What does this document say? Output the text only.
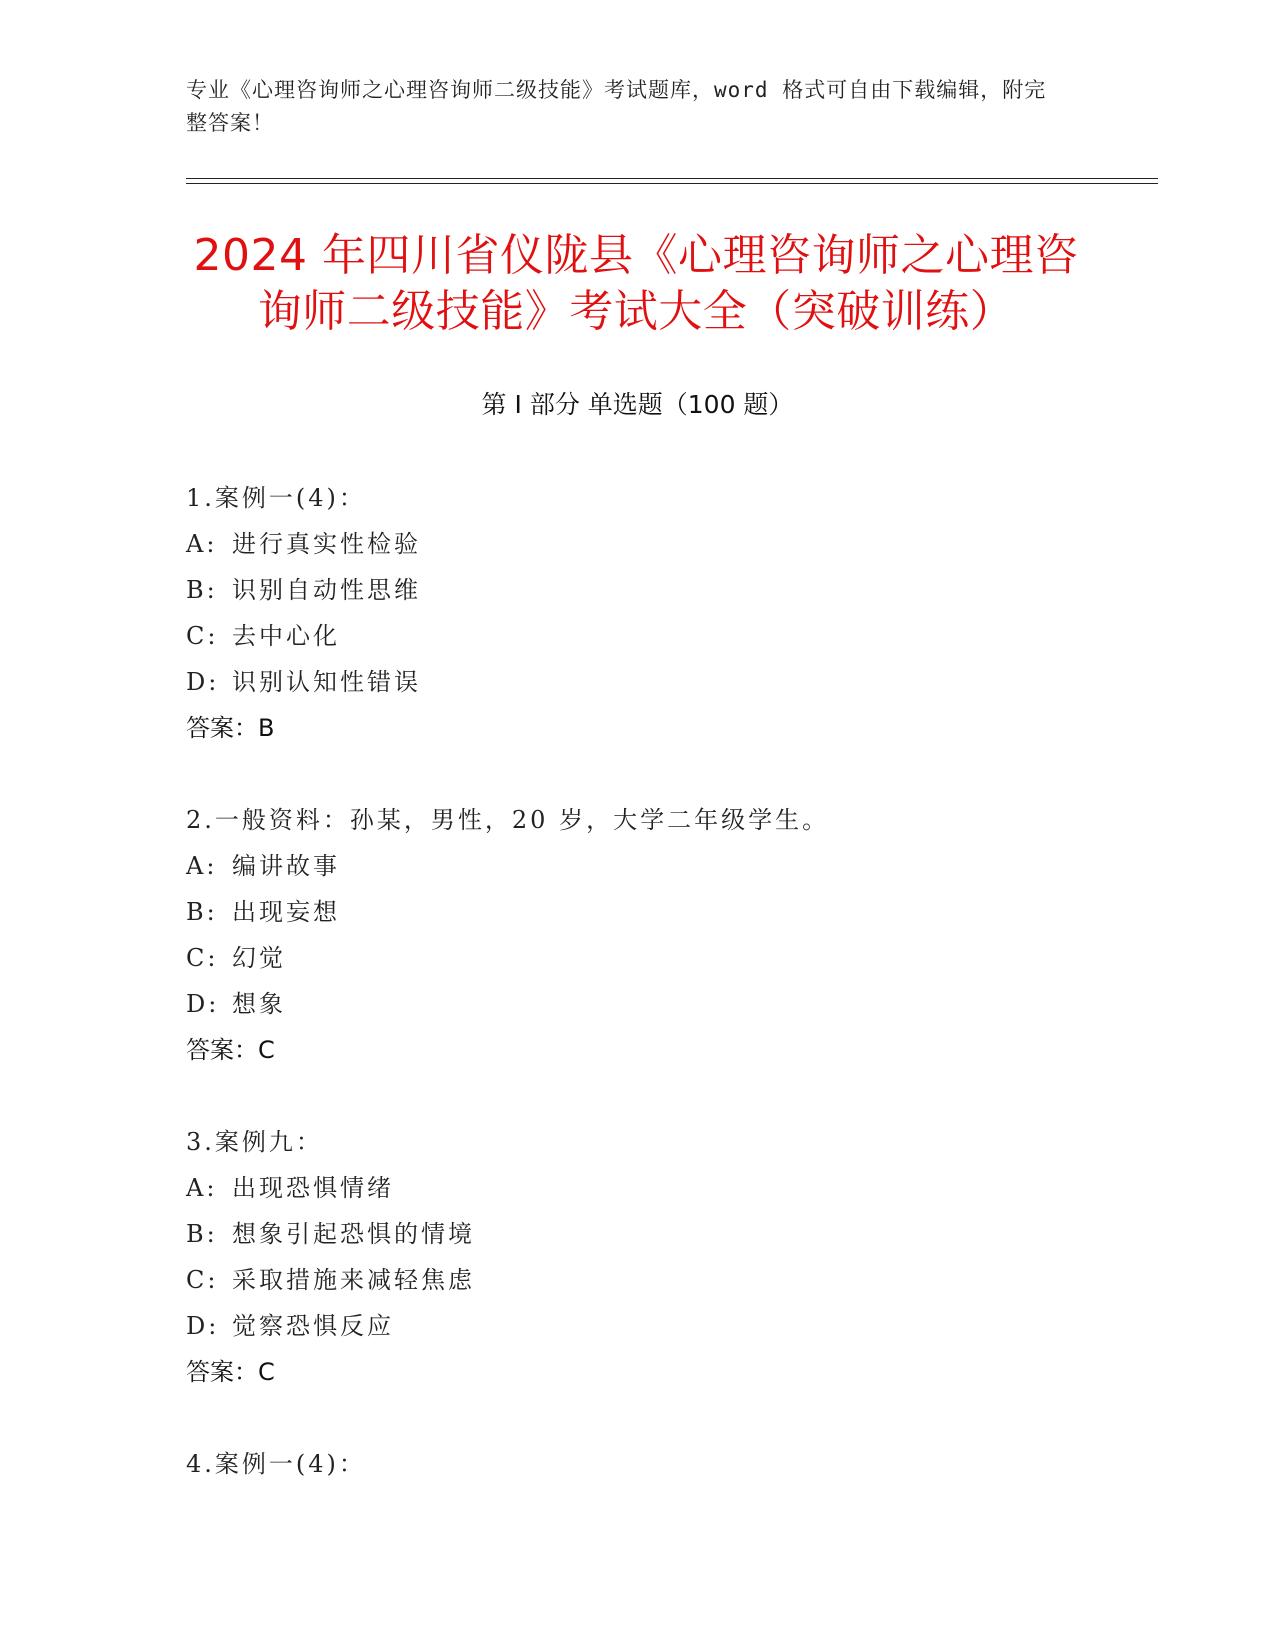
专业《心理咨询师之心理咨询师二级技能》考试题库，word 格式可自由下载编辑，附完整答案！
2024 年四川省仪陇县《心理咨询师之心理咨询师二级技能》考试大全（突破训练）
第 I 部分 单选题（100 题）
1.案例一(4)：
A: 进行真实性检验
B: 识别自动性思维
C: 去中心化
D: 识别认知性错误
答案：B
2.一般资料：孙某，男性，20 岁，大学二年级学生。
A: 编讲故事
B: 出现妄想
C: 幻觉
D: 想象
答案：C
3.案例九：
A: 出现恐惧情绪
B: 想象引起恐惧的情境
C: 采取措施来减轻焦虑
D: 觉察恐惧反应
答案：C
4.案例一(4)：
